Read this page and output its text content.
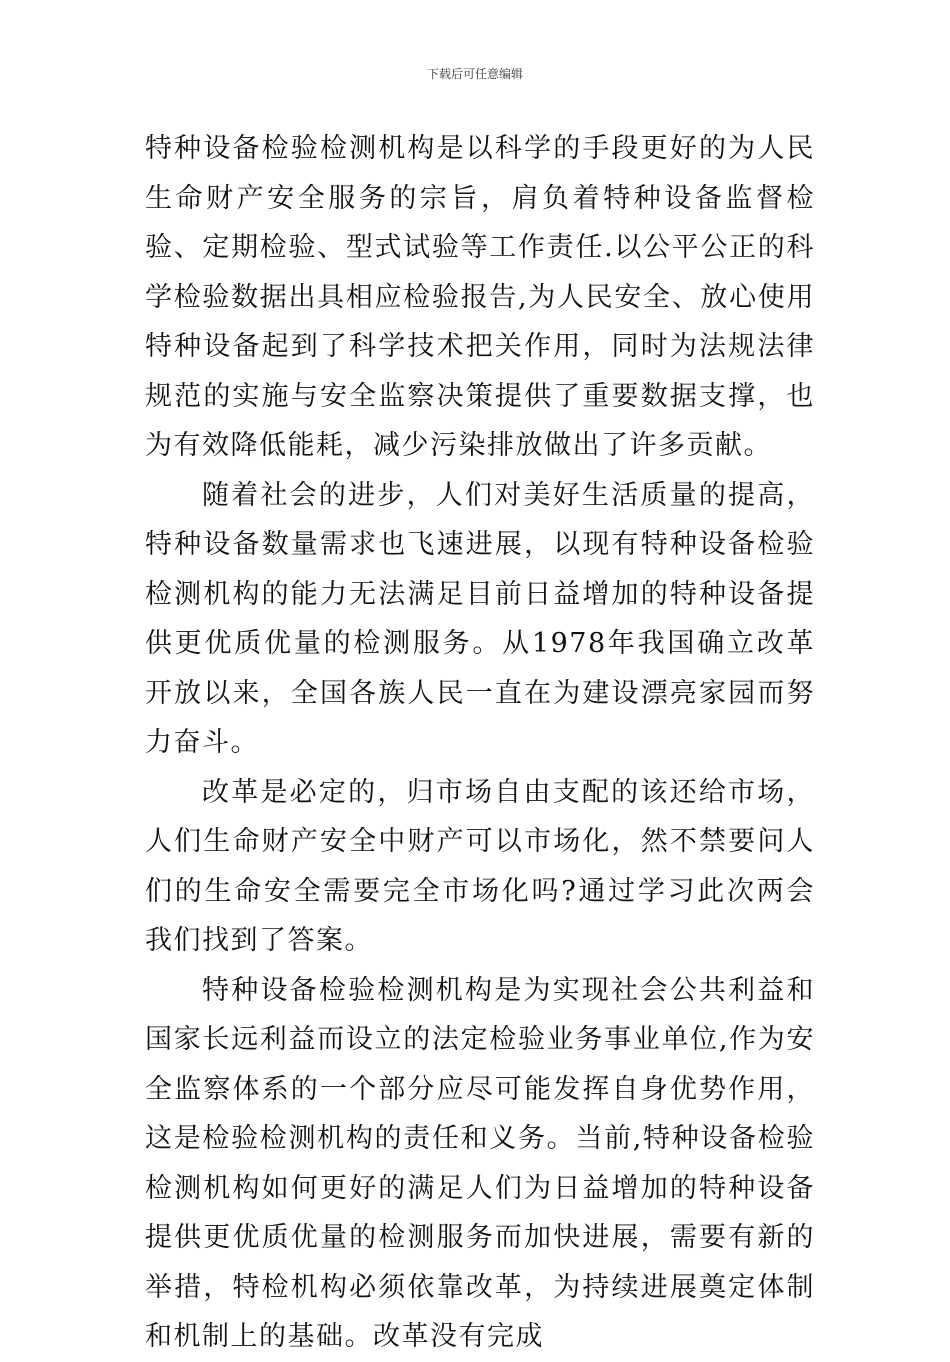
下载后可任意编辑

特种设备检验检测机构是以科学的手段更好的为人民生命财产安全服务的宗旨，肩负着特种设备监督检验、定期检验、型式试验等工作责任.以公平公正的科学检验数据出具相应检验报告,为人民安全、放心使用特种设备起到了科学技术把关作用，同时为法规法律规范的实施与安全监察决策提供了重要数据支撑，也为有效降低能耗，减少污染排放做出了许多贡献。

随着社会的进步，人们对美好生活质量的提高，特种设备数量需求也飞速进展，以现有特种设备检验检测机构的能力无法满足目前日益增加的特种设备提供更优质优量的检测服务。从1978年我国确立改革开放以来，全国各族人民一直在为建设漂亮家园而努力奋斗。

改革是必定的，归市场自由支配的该还给市场，人们生命财产安全中财产可以市场化，然不禁要问人们的生命安全需要完全市场化吗?通过学习此次两会我们找到了答案。

特种设备检验检测机构是为实现社会公共利益和国家长远利益而设立的法定检验业务事业单位,作为安全监察体系的一个部分应尽可能发挥自身优势作用，这是检验检测机构的责任和义务。当前,特种设备检验检测机构如何更好的满足人们为日益增加的特种设备提供更优质优量的检测服务而加快进展，需要有新的举措，特检机构必须依靠改革，为持续进展奠定体制和机制上的基础。改革没有完成
